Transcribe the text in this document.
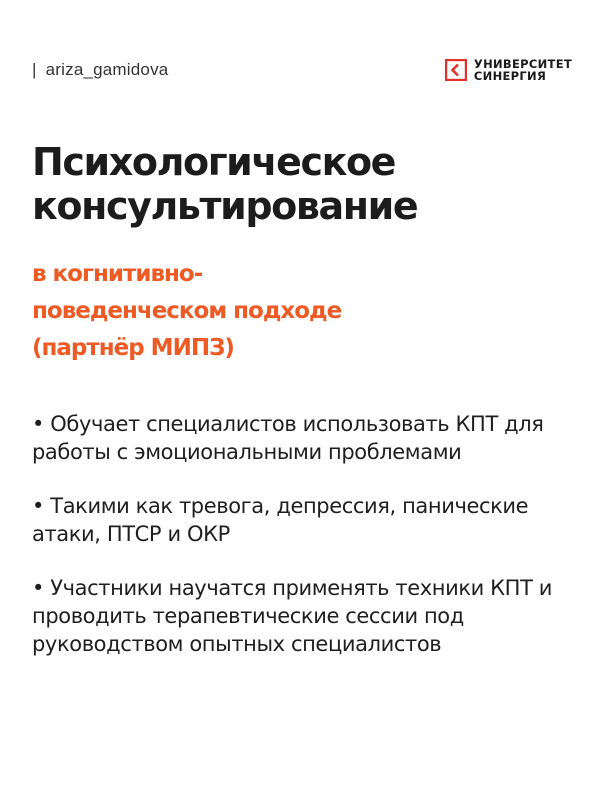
| ariza_gamidova	УНИВЕРСИТЕТ
СИНЕРГИЯ
Психологическое
консультирование
в когнитивно-
поведенческом подходе
(партнёр МИПЗ)
• Обучает специалистов использовать КПТ для работы с эмоциональными проблемами
• Такими как тревога, депрессия, панические атаки, ПТСР и ОКР
• Участники научатся применять техники КПТ и проводить терапевтические сессии под руководством опытных специалистов
